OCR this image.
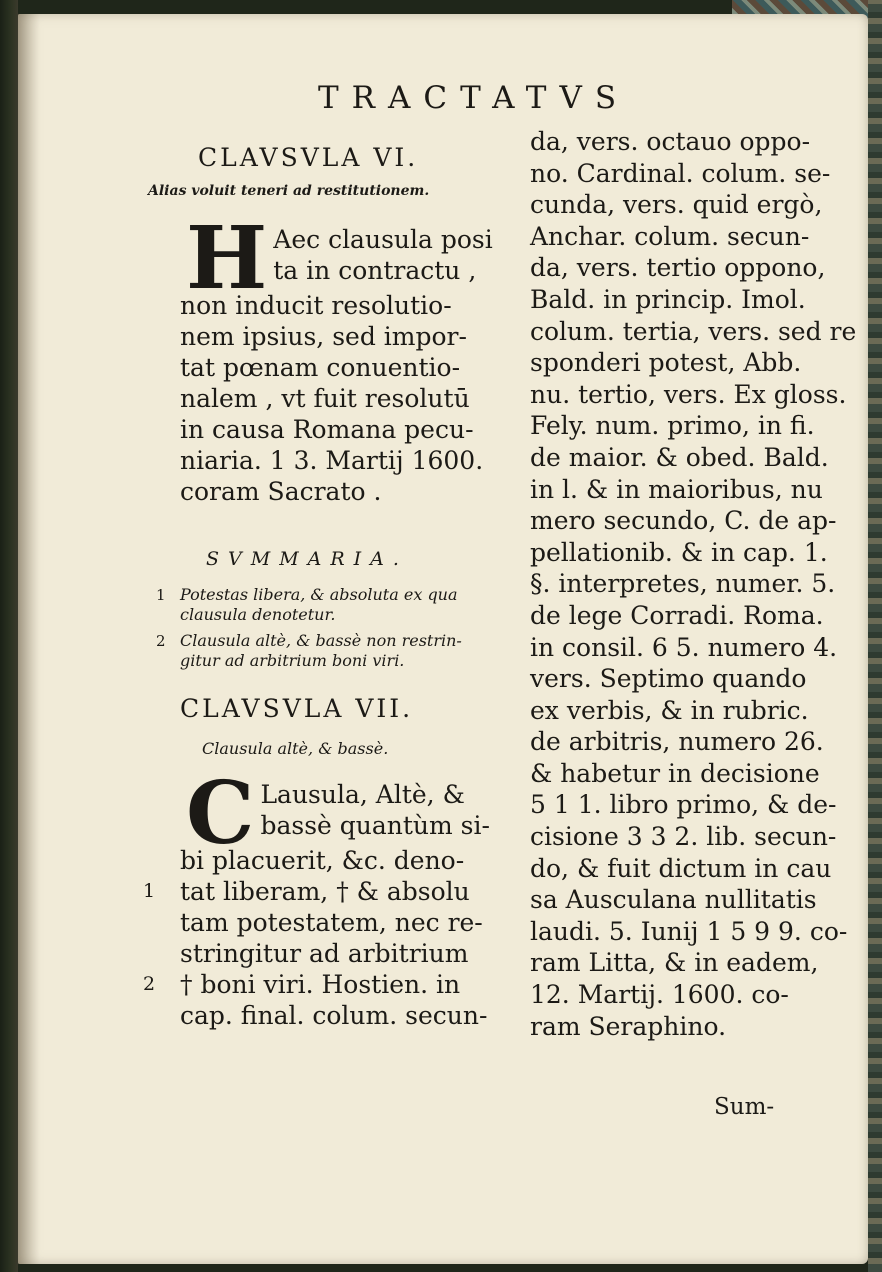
TRACTATVS
CLAVSVLA VI.
Alias voluit teneri ad restitutionem.
H Aec clausula posi
ta in contractu ,
non inducit resolutio-
nem ipsius, sed impor-
tat pœnam conuentio-
nalem , vt fuit resolutū
in causa Romana pecu-
niaria. 1 3. Martij 1600.
coram Sacrato .
SVMMARIA.
1 Potestas libera, & absoluta ex qua
clausula denotetur.
2 Clausula altè, & bassè non restrin-
gitur ad arbitrium boni viri.
CLAVSVLA VII.
Clausula altè, & bassè.
C Lausula, Altè, &
bassè quantùm si-
bi placuerit, &c. deno-
1 tat liberam, † & absolu
tam potestatem, nec re-
stringitur ad arbitrium
2 † boni viri. Hostien. in
cap. final. colum. secun-
da, vers. octauo oppo-
no. Cardinal. colum. se-
cunda, vers. quid ergò,
Anchar. colum. secun-
da, vers. tertio oppono,
Bald. in princip. Imol.
colum. tertia, vers. sed re
sponderi potest, Abb.
nu. tertio, vers. Ex gloss.
Fely. num. primo, in fi.
de maior. & obed. Bald.
in l. & in maioribus, nu
mero secundo, C. de ap-
pellationib. & in cap. 1.
§. interpretes, numer. 5.
de lege Corradi. Roma.
in consil. 6 5. numero 4.
vers. Septimo quando
ex verbis, & in rubric.
de arbitris, numero 26.
& habetur in decisione
5 1 1. libro primo, & de-
cisione 3 3 2. lib. secun-
do, & fuit dictum in cau
sa Ausculana nullitatis
laudi. 5. Iunij 1 5 9 9. co-
ram Litta, & in eadem,
12. Martij. 1600. co-
ram Seraphino.
Sum-
